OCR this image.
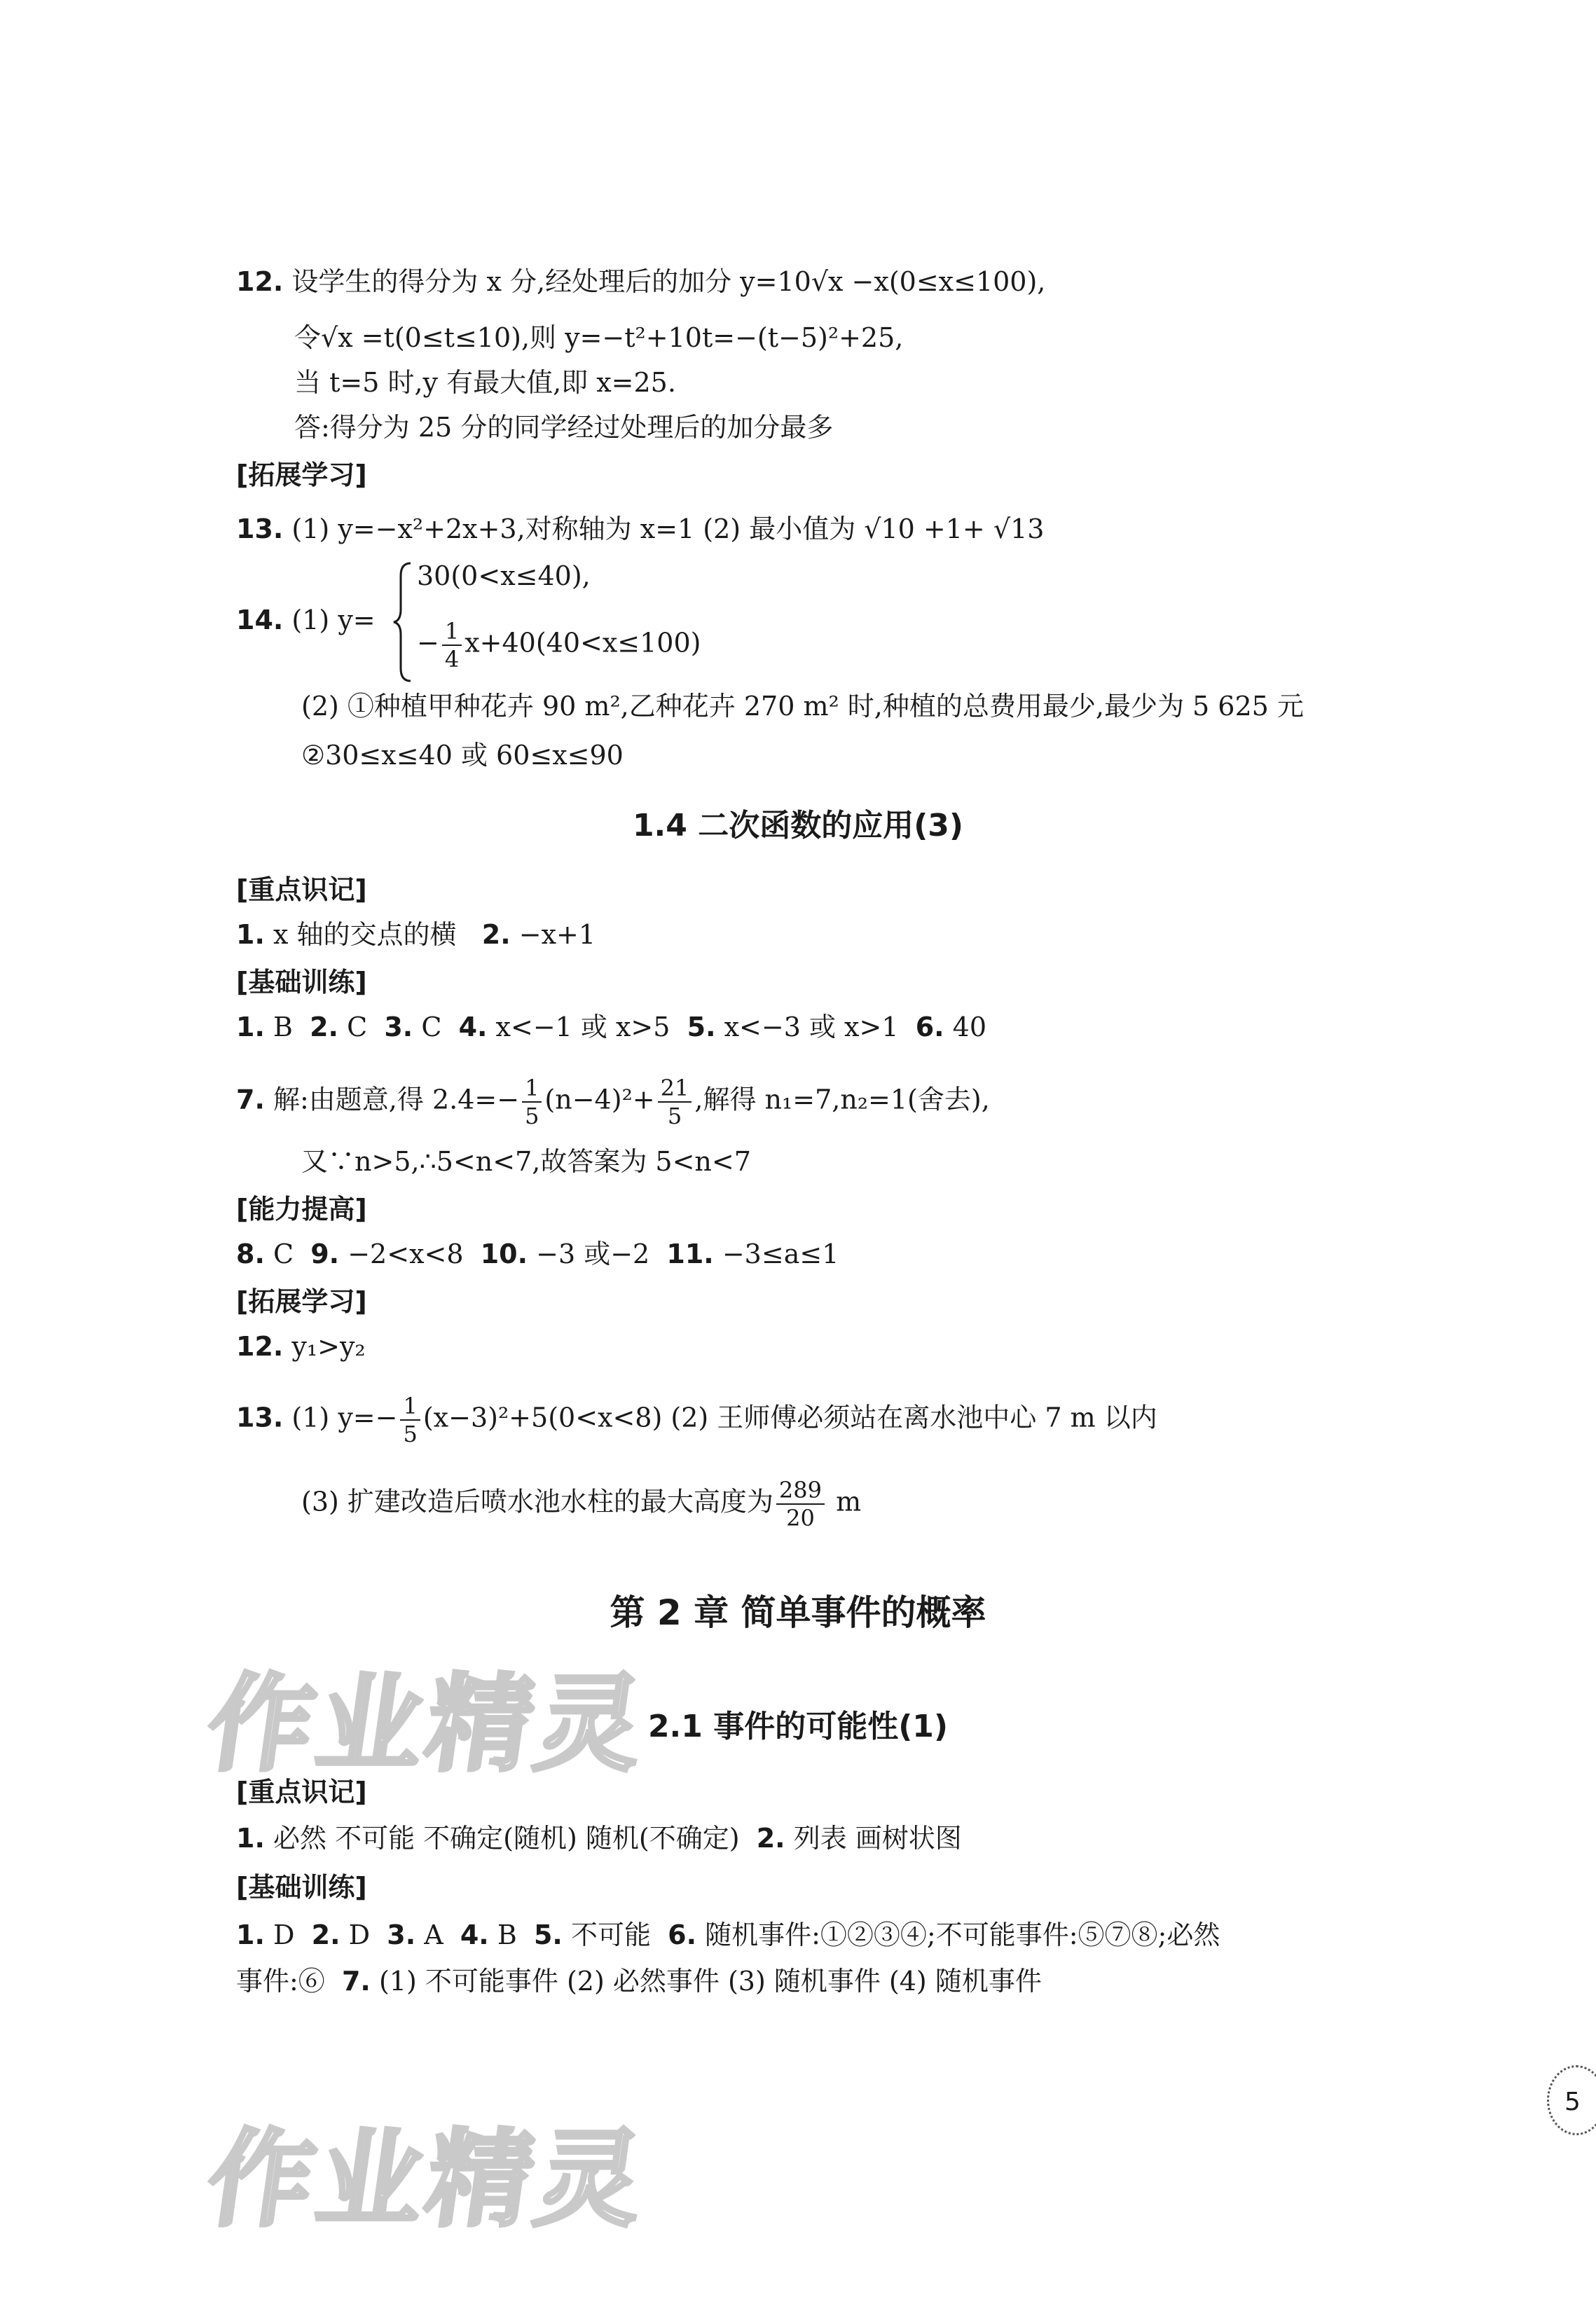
12. 设学生的得分为 x 分,经处理后的加分 y=10√x −x(0≤x≤100),
令√x =t(0≤t≤10),则 y=−t²+10t=−(t−5)²+25,
当 t=5 时,y 有最大值,即 x=25.
答:得分为 25 分的同学经过处理后的加分最多
[拓展学习]
13. (1) y=−x²+2x+3,对称轴为 x=1 (2) 最小值为 √10 +1+ √13
14. (1) y=
30(0<x≤40),
− $\frac{1}{4} x+40(40<x\le 100)$
(2) ①种植甲种花卉 90 m²,乙种花卉 270 m² 时,种植的总费用最少,最少为 5 625 元
②30≤x≤40 或 60≤x≤90
1.4 二次函数的应用(3)
[重点识记]
1. x 轴的交点的横 2. −x+1
[基础训练]
1. B 2. C 3. C 4. x<−1 或 x>5 5. x<−3 或 x>1 6. 40
7. 解:由题意,得 $2.4=- \frac{1}{5} (n-4)^2+ \frac{21}{5}$ ,解得 n₁=7,n₂=1(舍去),
又∵n>5,∴5<n<7,故答案为 5<n<7
[能力提高]
8. C 9. −2<x<8 10. −3 或−2 11. −3≤a≤1
[拓展学习]
12. y₁>y₂
13. (1) $y=- \frac{1}{5} (x-3)^2+5(0<x<8)$ (2) 王师傅必须站在离水池中心 7 m 以内
(3) 扩建改造后喷水池水柱的最大高度为 $\frac{289}{20}$ m
第 2 章 简单事件的概率
作业精灵
2.1 事件的可能性(1)
[重点识记]
1. 必然 不可能 不确定(随机) 随机(不确定) 2. 列表 画树状图
[基础训练]
1. D 2. D 3. A 4. B 5. 不可能 6. 随机事件:①②③④;不可能事件:⑤⑦⑧;必然
事件:⑥ 7. (1) 不可能事件 (2) 必然事件 (3) 随机事件 (4) 随机事件
作业精灵
5
